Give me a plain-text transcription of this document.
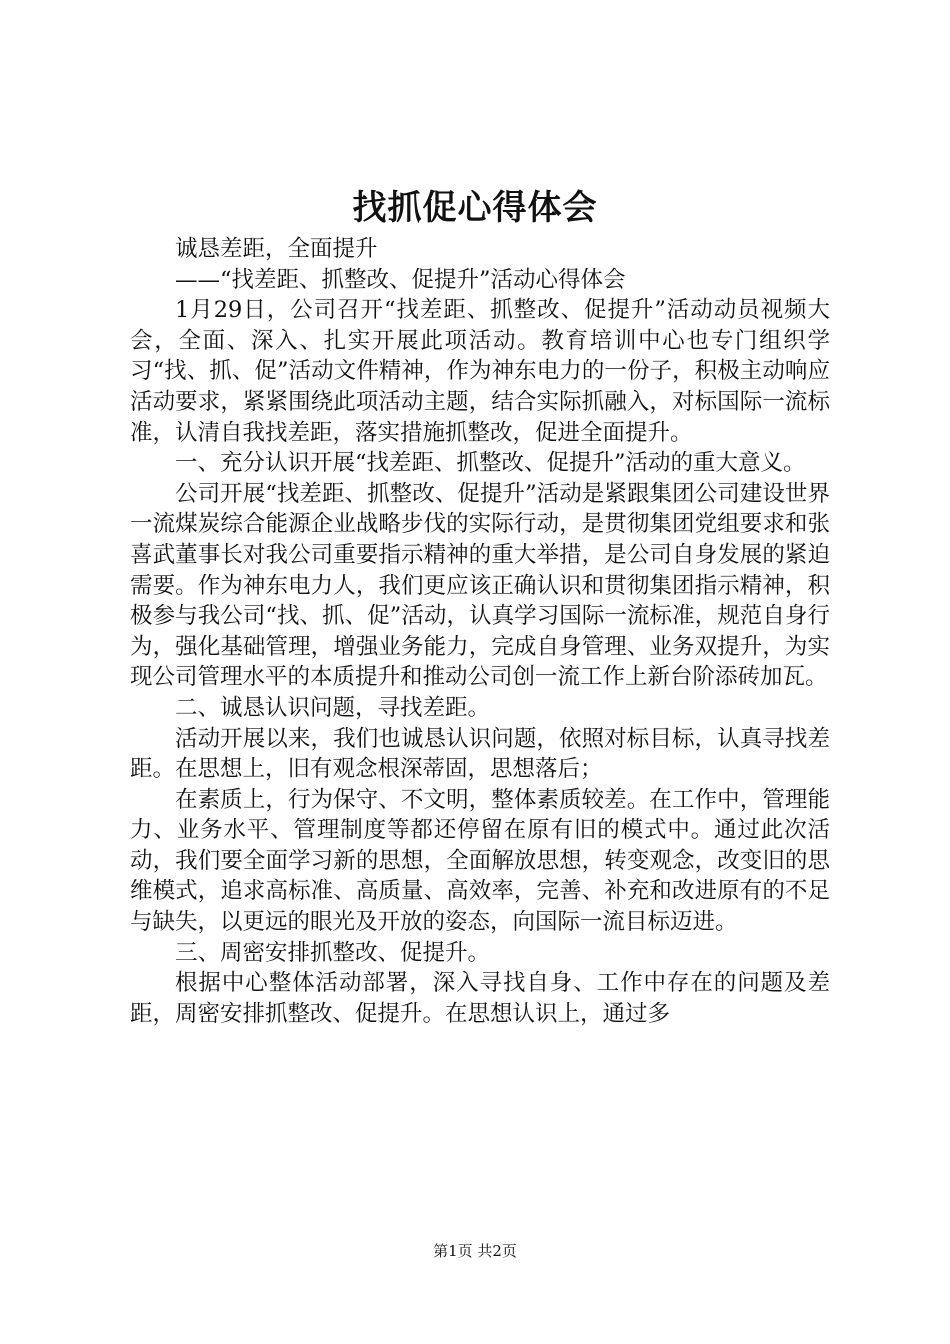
找抓促心得体会

诚恳差距，全面提升

——“找差距、抓整改、促提升”活动心得体会

1月29日，公司召开“找差距、抓整改、促提升”活动动员视频大会，全面、深入、扎实开展此项活动。教育培训中心也专门组织学习“找、抓、促”活动文件精神，作为神东电力的一份子，积极主动响应活动要求，紧紧围绕此项活动主题，结合实际抓融入，对标国际一流标准，认清自我找差距，落实措施抓整改，促进全面提升。

一、充分认识开展“找差距、抓整改、促提升”活动的重大意义。

公司开展“找差距、抓整改、促提升”活动是紧跟集团公司建设世界一流煤炭综合能源企业战略步伐的实际行动，是贯彻集团党组要求和张喜武董事长对我公司重要指示精神的重大举措，是公司自身发展的紧迫需要。作为神东电力人，我们更应该正确认识和贯彻集团指示精神，积极参与我公司“找、抓、促”活动，认真学习国际一流标准，规范自身行为，强化基础管理，增强业务能力，完成自身管理、业务双提升，为实现公司管理水平的本质提升和推动公司创一流工作上新台阶添砖加瓦。

二、诚恳认识问题，寻找差距。

活动开展以来，我们也诚恳认识问题，依照对标目标，认真寻找差距。在思想上，旧有观念根深蒂固，思想落后；

在素质上，行为保守、不文明，整体素质较差。在工作中，管理能力、业务水平、管理制度等都还停留在原有旧的模式中。通过此次活动，我们要全面学习新的思想，全面解放思想，转变观念，改变旧的思维模式，追求高标准、高质量、高效率，完善、补充和改进原有的不足与缺失，以更远的眼光及开放的姿态，向国际一流目标迈进。

三、周密安排抓整改、促提升。

根据中心整体活动部署，深入寻找自身、工作中存在的问题及差距，周密安排抓整改、促提升。在思想认识上，通过多

第1页 共2页
